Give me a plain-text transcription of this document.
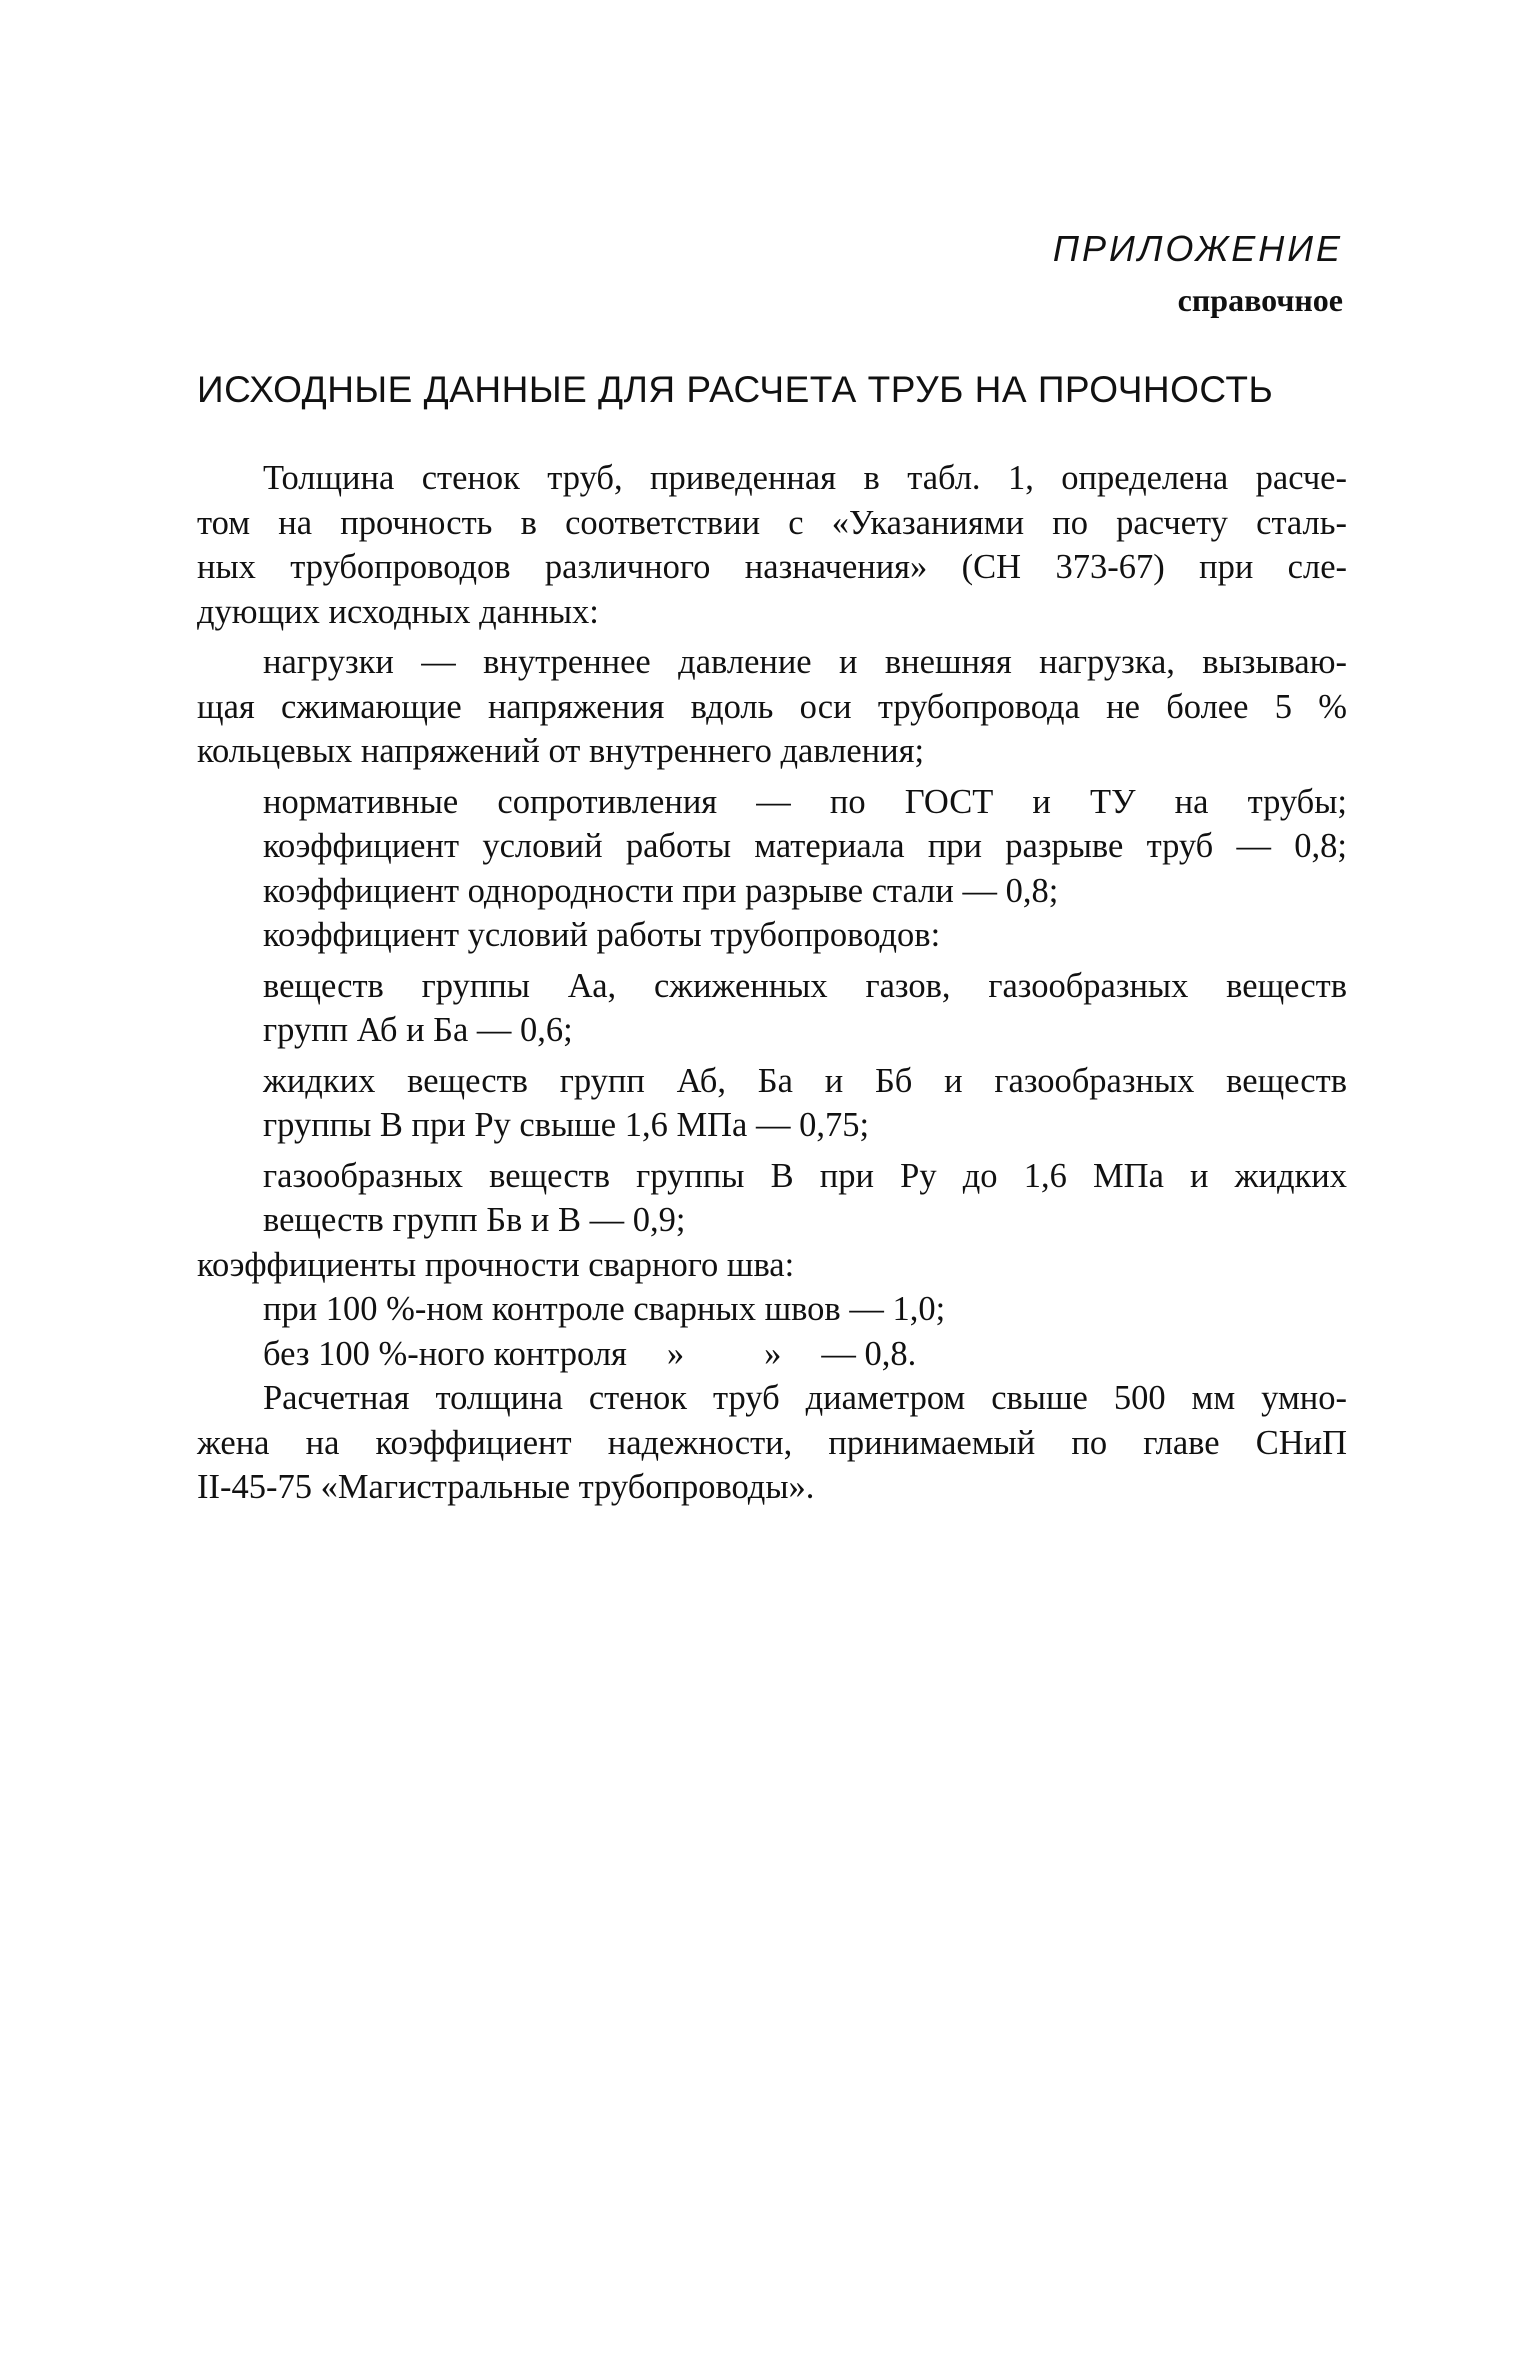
ПРИЛОЖЕНИЕ
справочное
ИСХОДНЫЕ ДАННЫЕ ДЛЯ РАСЧЕТА ТРУБ НА ПРОЧНОСТЬ
Толщина стенок труб, приведенная в табл. 1, определена расче-
том на прочность в соответствии с «Указаниями по расчету сталь-
ных трубопроводов различного назначения» (СН 373-67) при сле-
дующих исходных данных:
нагрузки — внутреннее давление и внешняя нагрузка, вызываю-
щая сжимающие напряжения вдоль оси трубопровода не более 5 %
кольцевых напряжений от внутреннего давления;
нормативные сопротивления — по ГОСТ и ТУ на трубы;
коэффициент условий работы материала при разрыве труб — 0,8;
коэффициент однородности при разрыве стали — 0,8;
коэффициент условий работы трубопроводов:
веществ группы Аа, сжиженных газов, газообразных веществ
групп Аб и Ба — 0,6;
жидких веществ групп Аб, Ба и Бб и газообразных веществ
группы В при Pу свыше 1,6 МПа — 0,75;
газообразных веществ группы В при Pу до 1,6 МПа и жидких
веществ групп Бв и В — 0,9;
коэффициенты прочности сварного шва:
при 100 %-ном контроле сварных швов — 1,0;
без 100 %-ного контроля » » — 0,8.
Расчетная толщина стенок труб диаметром свыше 500 мм умно-
жена на коэффициент надежности, принимаемый по главе СНиП
II-45-75 «Магистральные трубопроводы».
